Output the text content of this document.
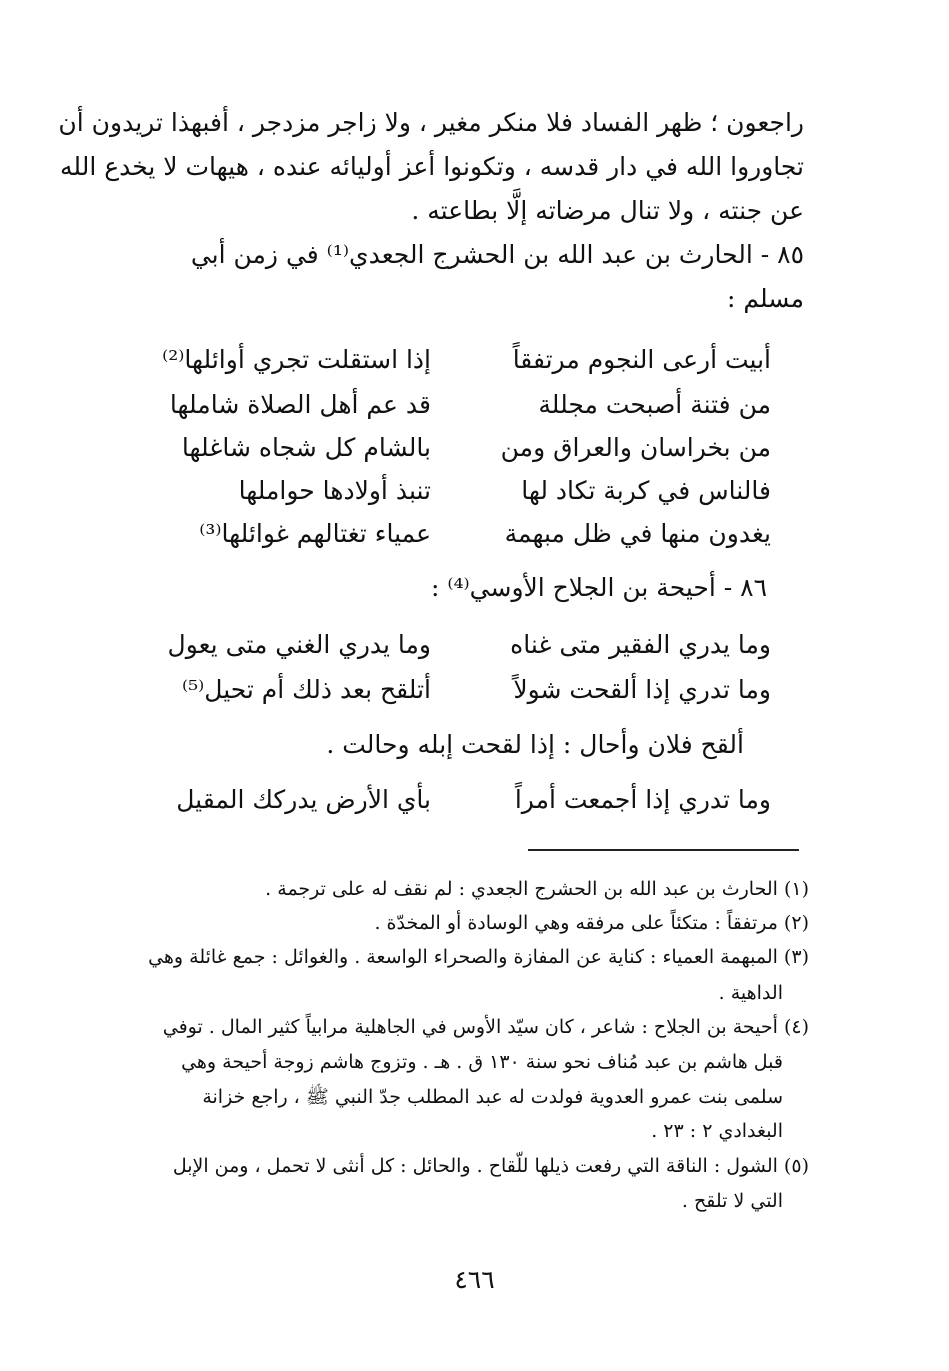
راجعون ؛ ظهر الفساد فلا منكر مغير ، ولا زاجر مزدجر ، أفبهذا تريدون أن
تجاوروا الله في دار قدسه ، وتكونوا أعز أوليائه عنده ، هيهات لا يخدع الله
عن جنته ، ولا تنال مرضاته إلَّا بطاعته .
٨٥ - الحارث بن عبد الله بن الحشرج الجعدي⁽¹⁾ في زمن أبي
مسلم :
أبيت أرعى النجوم مرتفقاً
إذا استقلت تجري أوائلها⁽²⁾
من فتنة أصبحت مجللة
قد عم أهل الصلاة شاملها
من بخراسان والعراق ومن
بالشام كل شجاه شاغلها
فالناس في كربة تكاد لها
تنبذ أولادها حواملها
يغدون منها في ظل مبهمة
عمياء تغتالهم غوائلها⁽³⁾
٨٦ - أحيحة بن الجلاح الأوسي⁽⁴⁾ :
وما يدري الفقير متى غناه
وما يدري الغني متى يعول
وما تدري إذا ألقحت شولاً
أتلقح بعد ذلك أم تحيل⁽⁵⁾
ألقح فلان وأحال : إذا لقحت إبله وحالت .
وما تدري إذا أجمعت أمراً
بأي الأرض يدركك المقيل
(١) الحارث بن عبد الله بن الحشرج الجعدي : لم نقف له على ترجمة .
(٢) مرتفقاً : متكئاً على مرفقه وهي الوسادة أو المخدّة .
(٣) المبهمة العمياء : كناية عن المفازة والصحراء الواسعة . والغوائل : جمع غائلة وهي
الداهية .
(٤) أحيحة بن الجلاح : شاعر ، كان سيّد الأوس في الجاهلية مرابياً كثير المال . توفي
قبل هاشم بن عبد مُناف نحو سنة ١٣٠ ق . هـ . وتزوج هاشم زوجة أحيحة وهي
سلمى بنت عمرو العدوية فولدت له عبد المطلب جدّ النبي ﷺ ، راجع خزانة
البغدادي ٢ : ٢٣ .
(٥) الشول : الناقة التي رفعت ذيلها للّقاح . والحائل : كل أنثى لا تحمل ، ومن الإبل
التي لا تلقح .
٤٦٦
